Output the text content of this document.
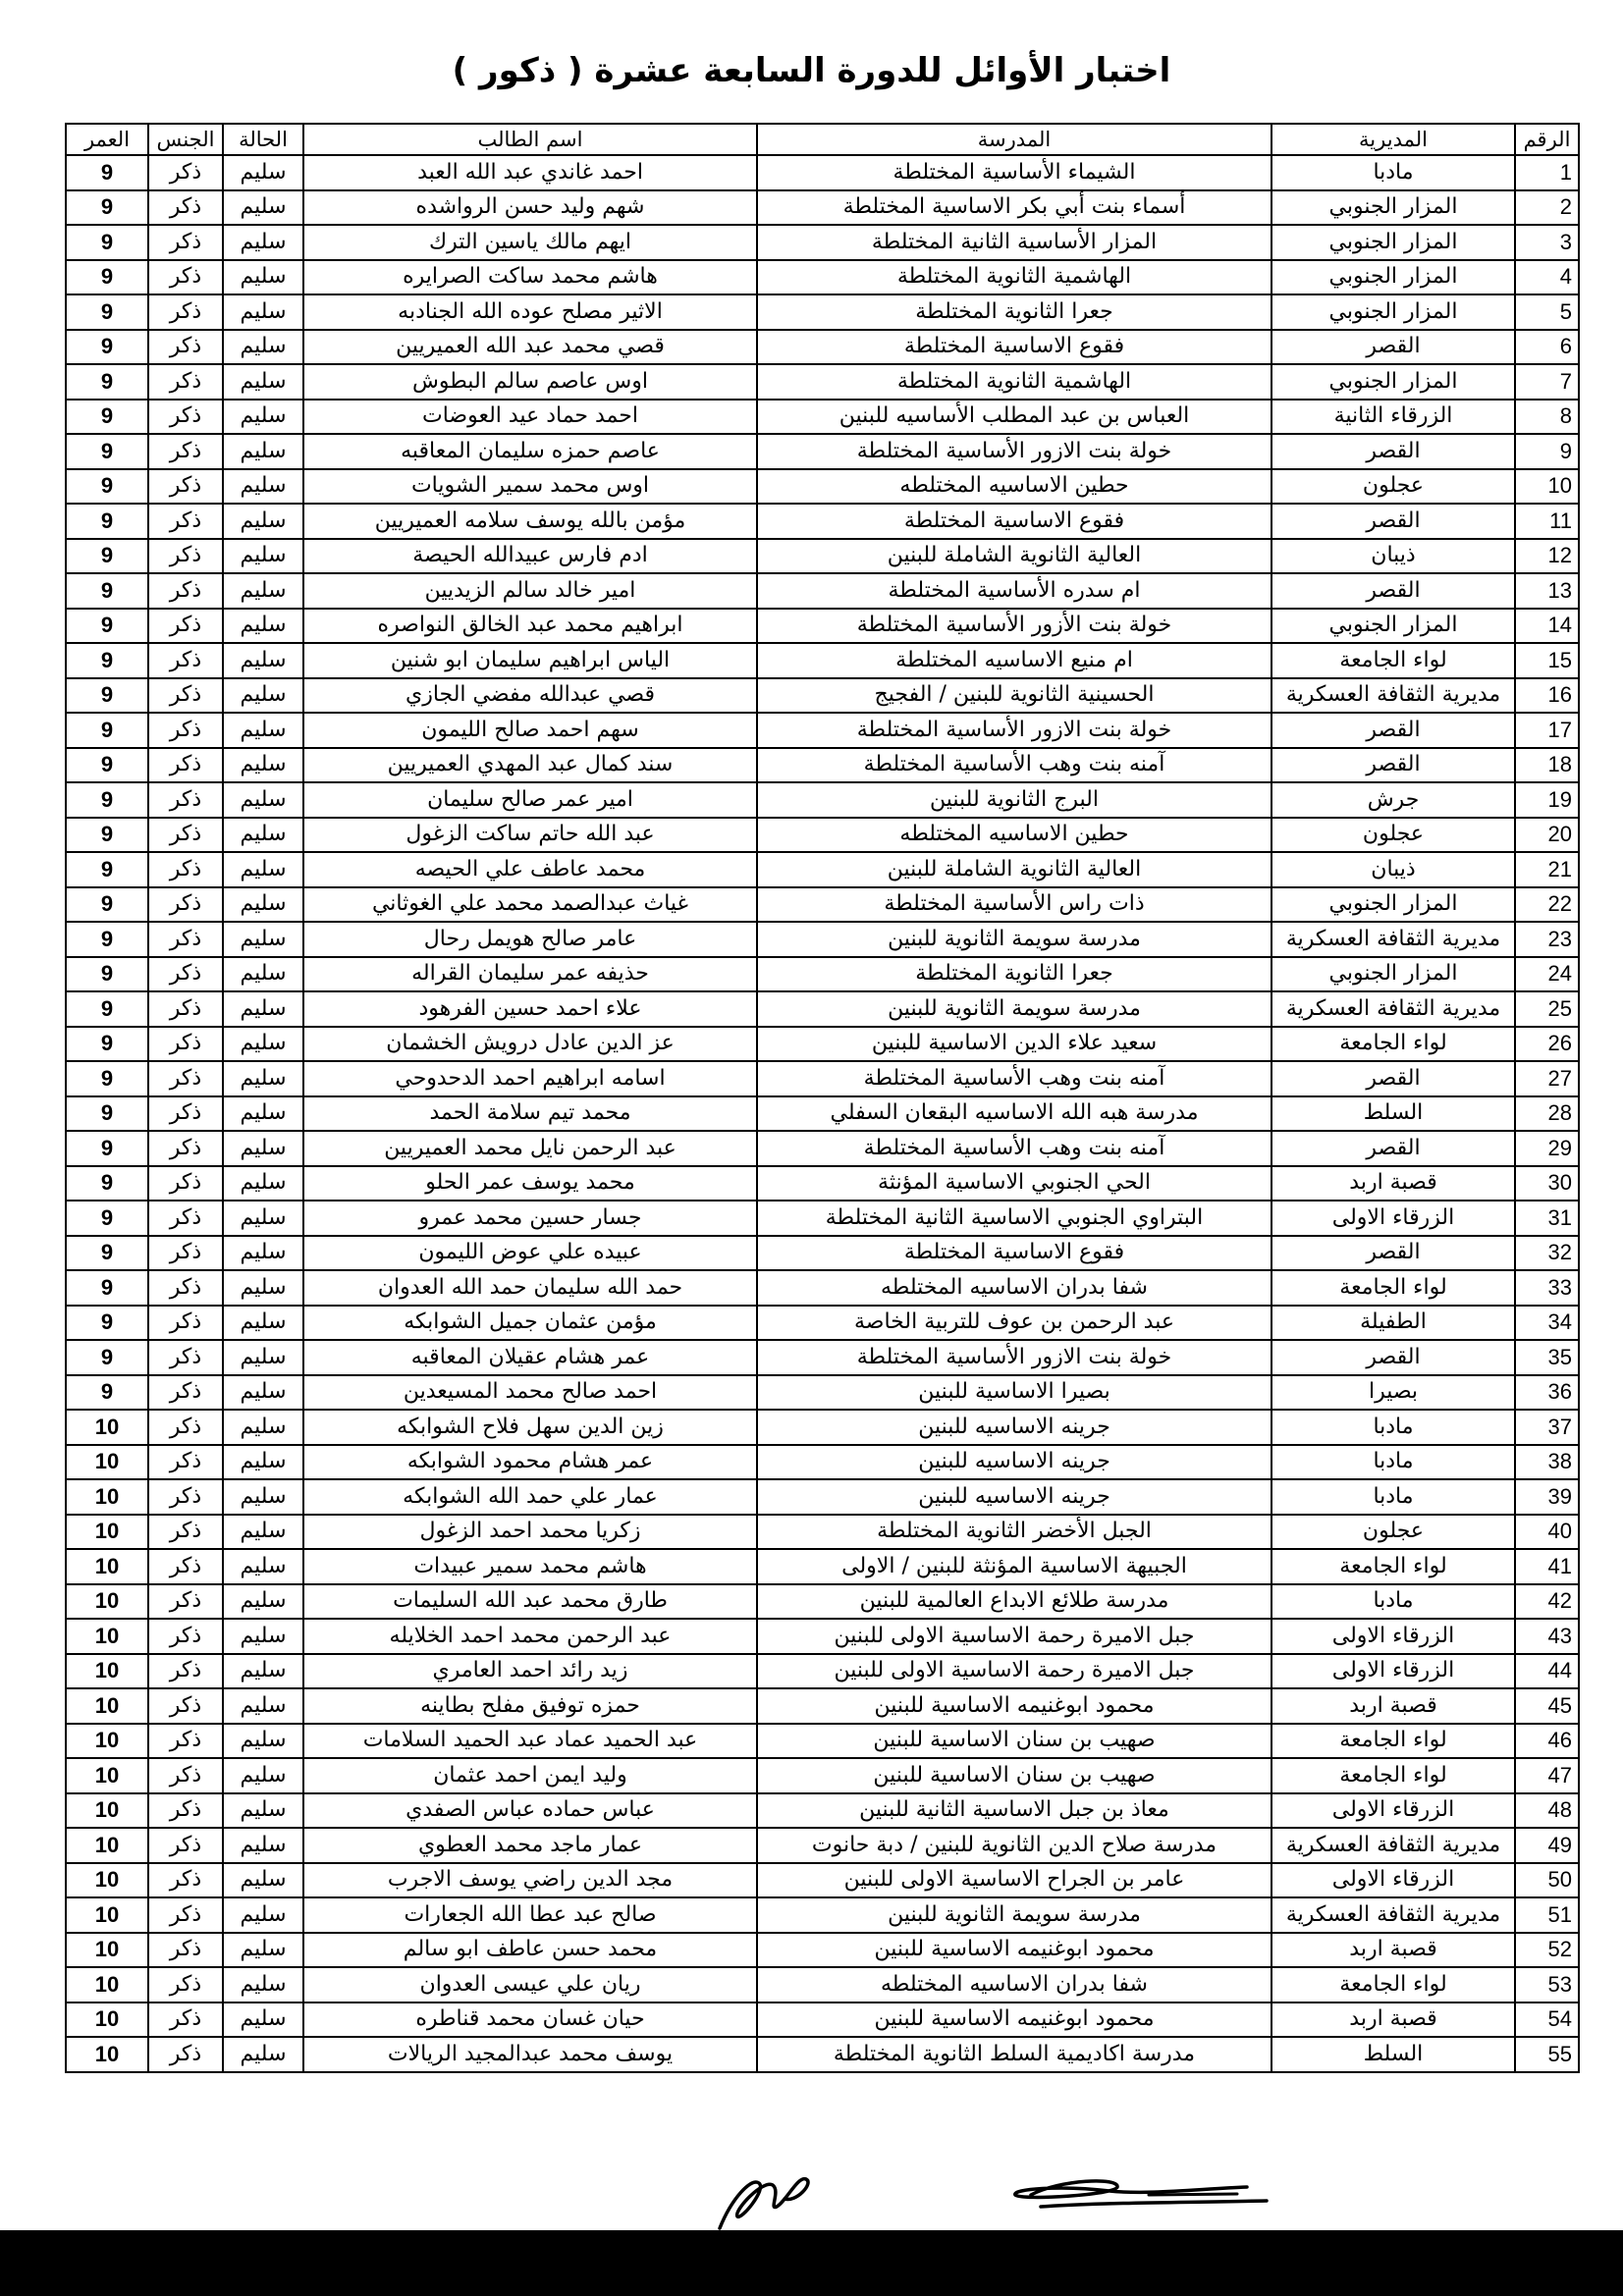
اختبار الأوائل للدورة السابعة عشرة ( ذكور )
الرقم	المديرية	المدرسة	اسم الطالب	الحالة	الجنس	العمر
1	مادبا	الشيماء الأساسية المختلطة	احمد غاندي عبد الله العبد	سليم	ذكر	9
2	المزار الجنوبي	أسماء بنت أبي بكر الاساسية المختلطة	شهم وليد حسن الرواشده	سليم	ذكر	9
3	المزار الجنوبي	المزار الأساسية الثانية المختلطة	ايهم مالك ياسين الترك	سليم	ذكر	9
4	المزار الجنوبي	الهاشمية الثانوية المختلطة	هاشم محمد ساكت الصرايره	سليم	ذكر	9
5	المزار الجنوبي	جعرا الثانوية المختلطة	الاثير مصلح عوده الله الجنادبه	سليم	ذكر	9
6	القصر	فقوع الاساسية المختلطة	قصي محمد عبد الله العميريين	سليم	ذكر	9
7	المزار الجنوبي	الهاشمية الثانوية المختلطة	اوس عاصم سالم البطوش	سليم	ذكر	9
8	الزرقاء الثانية	العباس بن عبد المطلب الأساسيه للبنين	احمد حماد عيد العوضات	سليم	ذكر	9
9	القصر	خولة بنت الازور الأساسية المختلطة	عاصم حمزه سليمان المعاقبه	سليم	ذكر	9
10	عجلون	حطين الاساسيه المختلطه	اوس محمد سمير الشويات	سليم	ذكر	9
11	القصر	فقوع الاساسية المختلطة	مؤمن بالله يوسف سلامه العميريين	سليم	ذكر	9
12	ذيبان	العالية الثانوية الشاملة للبنين	ادم فارس عبيدالله الحيصة	سليم	ذكر	9
13	القصر	ام سدره الأساسية المختلطة	امير خالد سالم الزيديين	سليم	ذكر	9
14	المزار الجنوبي	خولة بنت الأزور الأساسية المختلطة	ابراهيم محمد عبد الخالق النواصره	سليم	ذكر	9
15	لواء الجامعة	ام منيع الاساسيه المختلطة	الياس ابراهيم سليمان ابو شنين	سليم	ذكر	9
16	مديرية الثقافة العسكرية	الحسينية الثانوية للبنين / الفجيج	قصي عبدالله مفضي الجازي	سليم	ذكر	9
17	القصر	خولة بنت الازور الأساسية المختلطة	سهم احمد صالح الليمون	سليم	ذكر	9
18	القصر	آمنه بنت وهب الأساسية المختلطة	سند كمال عبد المهدي العميريين	سليم	ذكر	9
19	جرش	البرج الثانوية للبنين	امير عمر صالح سليمان	سليم	ذكر	9
20	عجلون	حطين الاساسيه المختلطه	عبد الله حاتم ساكت الزغول	سليم	ذكر	9
21	ذيبان	العالية الثانوية الشاملة للبنين	محمد عاطف علي الحيصه	سليم	ذكر	9
22	المزار الجنوبي	ذات راس الأساسية المختلطة	غياث عبدالصمد محمد علي الغوثاني	سليم	ذكر	9
23	مديرية الثقافة العسكرية	مدرسة سويمة الثانوية للبنين	عامر صالح هويمل رحال	سليم	ذكر	9
24	المزار الجنوبي	جعرا الثانوية المختلطة	حذيفه عمر سليمان القراله	سليم	ذكر	9
25	مديرية الثقافة العسكرية	مدرسة سويمة الثانوية للبنين	علاء احمد حسين الفرهود	سليم	ذكر	9
26	لواء الجامعة	سعيد علاء الدين الاساسية للبنين	عز الدين عادل درويش الخشمان	سليم	ذكر	9
27	القصر	آمنه بنت وهب الأساسية المختلطة	اسامه ابراهيم احمد الدحدوحي	سليم	ذكر	9
28	السلط	مدرسة هبه الله الاساسيه البقعان السفلي	محمد تيم سلامة الحمد	سليم	ذكر	9
29	القصر	آمنه بنت وهب الأساسية المختلطة	عبد الرحمن نايل محمد العميريين	سليم	ذكر	9
30	قصبة اربد	الحي الجنوبي الاساسية المؤنثة	محمد يوسف عمر الحلو	سليم	ذكر	9
31	الزرقاء الاولى	البتراوي الجنوبي الاساسية الثانية المختلطة	جسار حسين محمد عمرو	سليم	ذكر	9
32	القصر	فقوع الاساسية المختلطة	عبيده علي عوض الليمون	سليم	ذكر	9
33	لواء الجامعة	شفا بدران الاساسيه المختلطه	حمد الله سليمان حمد الله العدوان	سليم	ذكر	9
34	الطفيلة	عبد الرحمن بن عوف للتربية الخاصة	مؤمن عثمان جميل الشوابكه	سليم	ذكر	9
35	القصر	خولة بنت الازور الأساسية المختلطة	عمر هشام عقيلان المعاقبه	سليم	ذكر	9
36	بصيرا	بصيرا الاساسية للبنين	احمد صالح محمد المسيعدين	سليم	ذكر	9
37	مادبا	جرينه الاساسيه للبنين	زين الدين سهل فلاح الشوابكه	سليم	ذكر	10
38	مادبا	جرينه الاساسيه للبنين	عمر هشام محمود الشوابكه	سليم	ذكر	10
39	مادبا	جرينه الاساسيه للبنين	عمار علي حمد الله الشوابكه	سليم	ذكر	10
40	عجلون	الجبل الأخضر الثانوية المختلطة	زكريا محمد احمد الزغول	سليم	ذكر	10
41	لواء الجامعة	الجبيهة الاساسية المؤنثة للبنين / الاولى	هاشم محمد سمير عبيدات	سليم	ذكر	10
42	مادبا	مدرسة طلائع الابداع العالمية للبنين	طارق محمد عبد الله السليمات	سليم	ذكر	10
43	الزرقاء الاولى	جبل الاميرة رحمة الاساسية الاولى للبنين	عبد الرحمن محمد احمد الخلايله	سليم	ذكر	10
44	الزرقاء الاولى	جبل الاميرة رحمة الاساسية الاولى للبنين	زيد رائد احمد العامري	سليم	ذكر	10
45	قصبة اربد	محمود ابوغنيمه الاساسية للبنين	حمزه توفيق مفلح بطاينه	سليم	ذكر	10
46	لواء الجامعة	صهيب بن سنان الاساسية للبنين	عبد الحميد عماد عبد الحميد السلامات	سليم	ذكر	10
47	لواء الجامعة	صهيب بن سنان الاساسية للبنين	وليد ايمن احمد عثمان	سليم	ذكر	10
48	الزرقاء الاولى	معاذ بن جبل الاساسية الثانية للبنين	عباس حماده عباس الصفدي	سليم	ذكر	10
49	مديرية الثقافة العسكرية	مدرسة صلاح الدين الثانوية للبنين / دبة حانوت	عمار ماجد محمد العطوي	سليم	ذكر	10
50	الزرقاء الاولى	عامر بن الجراح الاساسية الاولى للبنين	مجد الدين راضي يوسف الاجرب	سليم	ذكر	10
51	مديرية الثقافة العسكرية	مدرسة سويمة الثانوية للبنين	صالح عبد عطا الله الجعارات	سليم	ذكر	10
52	قصبة اربد	محمود ابوغنيمه الاساسية للبنين	محمد حسن عاطف ابو سالم	سليم	ذكر	10
53	لواء الجامعة	شفا بدران الاساسيه المختلطه	ريان علي عيسى العدوان	سليم	ذكر	10
54	قصبة اربد	محمود ابوغنيمه الاساسية للبنين	حيان غسان محمد قناطره	سليم	ذكر	10
55	السلط	مدرسة اكاديمية السلط الثانوية المختلطة	يوسف محمد عبدالمجيد الريالات	سليم	ذكر	10
